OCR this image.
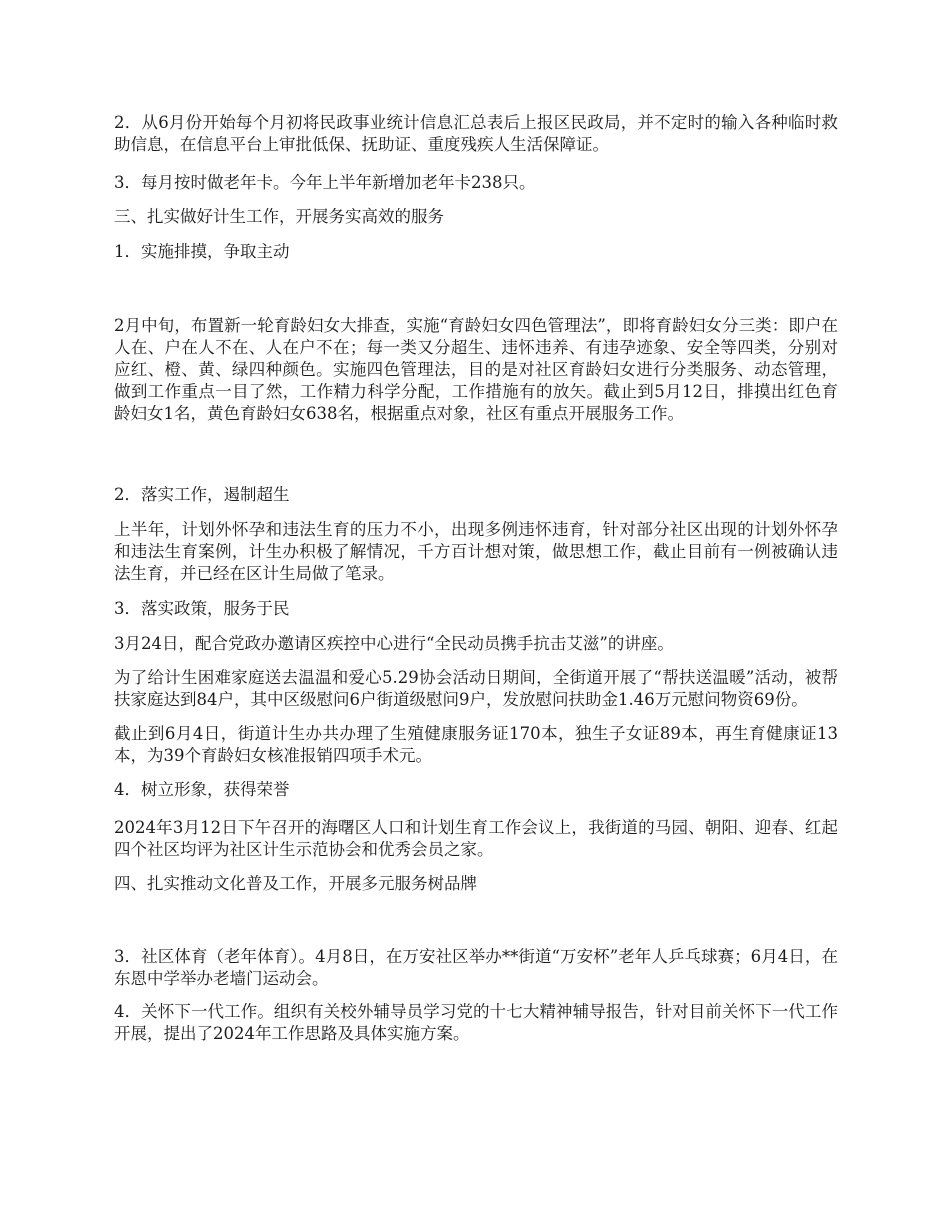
2．从6月份开始每个月初将民政事业统计信息汇总表后上报区民政局，并不定时的输入各种临时救助信息，在信息平台上审批低保、抚助证、重度残疾人生活保障证。

3．每月按时做老年卡。今年上半年新增加老年卡238只。

三、扎实做好计生工作，开展务实高效的服务

1．实施排摸，争取主动

2月中旬，布置新一轮育龄妇女大排查，实施“育龄妇女四色管理法”，即将育龄妇女分三类：即户在人在、户在人不在、人在户不在；每一类又分超生、违怀违养、有违孕迹象、安全等四类，分别对应红、橙、黄、绿四种颜色。实施四色管理法，目的是对社区育龄妇女进行分类服务、动态管理，做到工作重点一目了然，工作精力科学分配，工作措施有的放矢。截止到5月12日，排摸出红色育龄妇女1名，黄色育龄妇女638名，根据重点对象，社区有重点开展服务工作。

2．落实工作，遏制超生

上半年，计划外怀孕和违法生育的压力不小，出现多例违怀违育，针对部分社区出现的计划外怀孕和违法生育案例，计生办积极了解情况，千方百计想对策，做思想工作，截止目前有一例被确认违法生育，并已经在区计生局做了笔录。

3．落实政策，服务于民

3月24日，配合党政办邀请区疾控中心进行“全民动员携手抗击艾滋”的讲座。

为了给计生困难家庭送去温温和爱心5.29协会活动日期间，全街道开展了“帮扶送温暖”活动，被帮扶家庭达到84户，其中区级慰问6户街道级慰问9户，发放慰问扶助金1.46万元慰问物资69份。

截止到6月4日，街道计生办共办理了生殖健康服务证170本，独生子女证89本，再生育健康证13本，为39个育龄妇女核准报销四项手术元。

4．树立形象，获得荣誉

2024年3月12日下午召开的海曙区人口和计划生育工作会议上，我街道的马园、朝阳、迎春、红起四个社区均评为社区计生示范协会和优秀会员之家。

四、扎实推动文化普及工作，开展多元服务树品牌

3．社区体育（老年体育）。4月8日，在万安社区举办**街道“万安杯”老年人乒乓球赛；6月4日，在东恩中学举办老墙门运动会。

4．关怀下一代工作。组织有关校外辅导员学习党的十七大精神辅导报告，针对目前关怀下一代工作开展，提出了2024年工作思路及具体实施方案。
